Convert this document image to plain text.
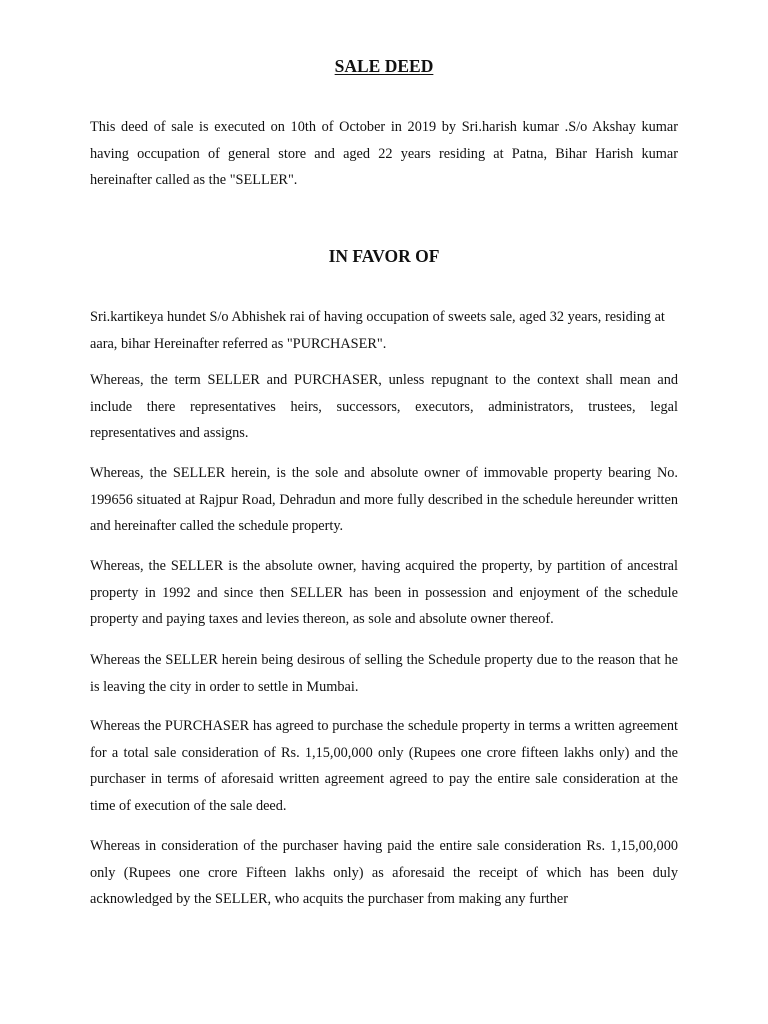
SALE DEED

This deed of sale is executed on 10th of October in 2019 by Sri.harish kumar .S/o Akshay kumar having occupation of general store and aged 22 years residing at Patna, Bihar Harish kumar hereinafter called as the "SELLER".

IN FAVOR OF

Sri.kartikeya hundet S/o Abhishek rai of having occupation of sweets sale, aged 32 years, residing at aara, bihar Hereinafter referred as "PURCHASER".

Whereas, the term SELLER and PURCHASER, unless repugnant to the context shall mean and include there representatives heirs, successors, executors, administrators, trustees, legal representatives and assigns.

Whereas, the SELLER herein, is the sole and absolute owner of immovable property bearing No. 199656 situated at Rajpur Road, Dehradun and more fully described in the schedule hereunder written and hereinafter called the schedule property.

Whereas, the SELLER is the absolute owner, having acquired the property, by partition of ancestral property in 1992 and since then SELLER has been in possession and enjoyment of the schedule property and paying taxes and levies thereon, as sole and absolute owner thereof.

Whereas the SELLER herein being desirous of selling the Schedule property due to the reason that he is leaving the city in order to settle in Mumbai.

Whereas the PURCHASER has agreed to purchase the schedule property in terms a written agreement for a total sale consideration of Rs. 1,15,00,000 only (Rupees one crore fifteen lakhs only) and the purchaser in terms of aforesaid written agreement agreed to pay the entire sale consideration at the time of execution of the sale deed.

Whereas in consideration of the purchaser having paid the entire sale consideration Rs. 1,15,00,000 only (Rupees one crore Fifteen lakhs only) as aforesaid the receipt of which has been duly acknowledged by the SELLER, who acquits the purchaser from making any further
